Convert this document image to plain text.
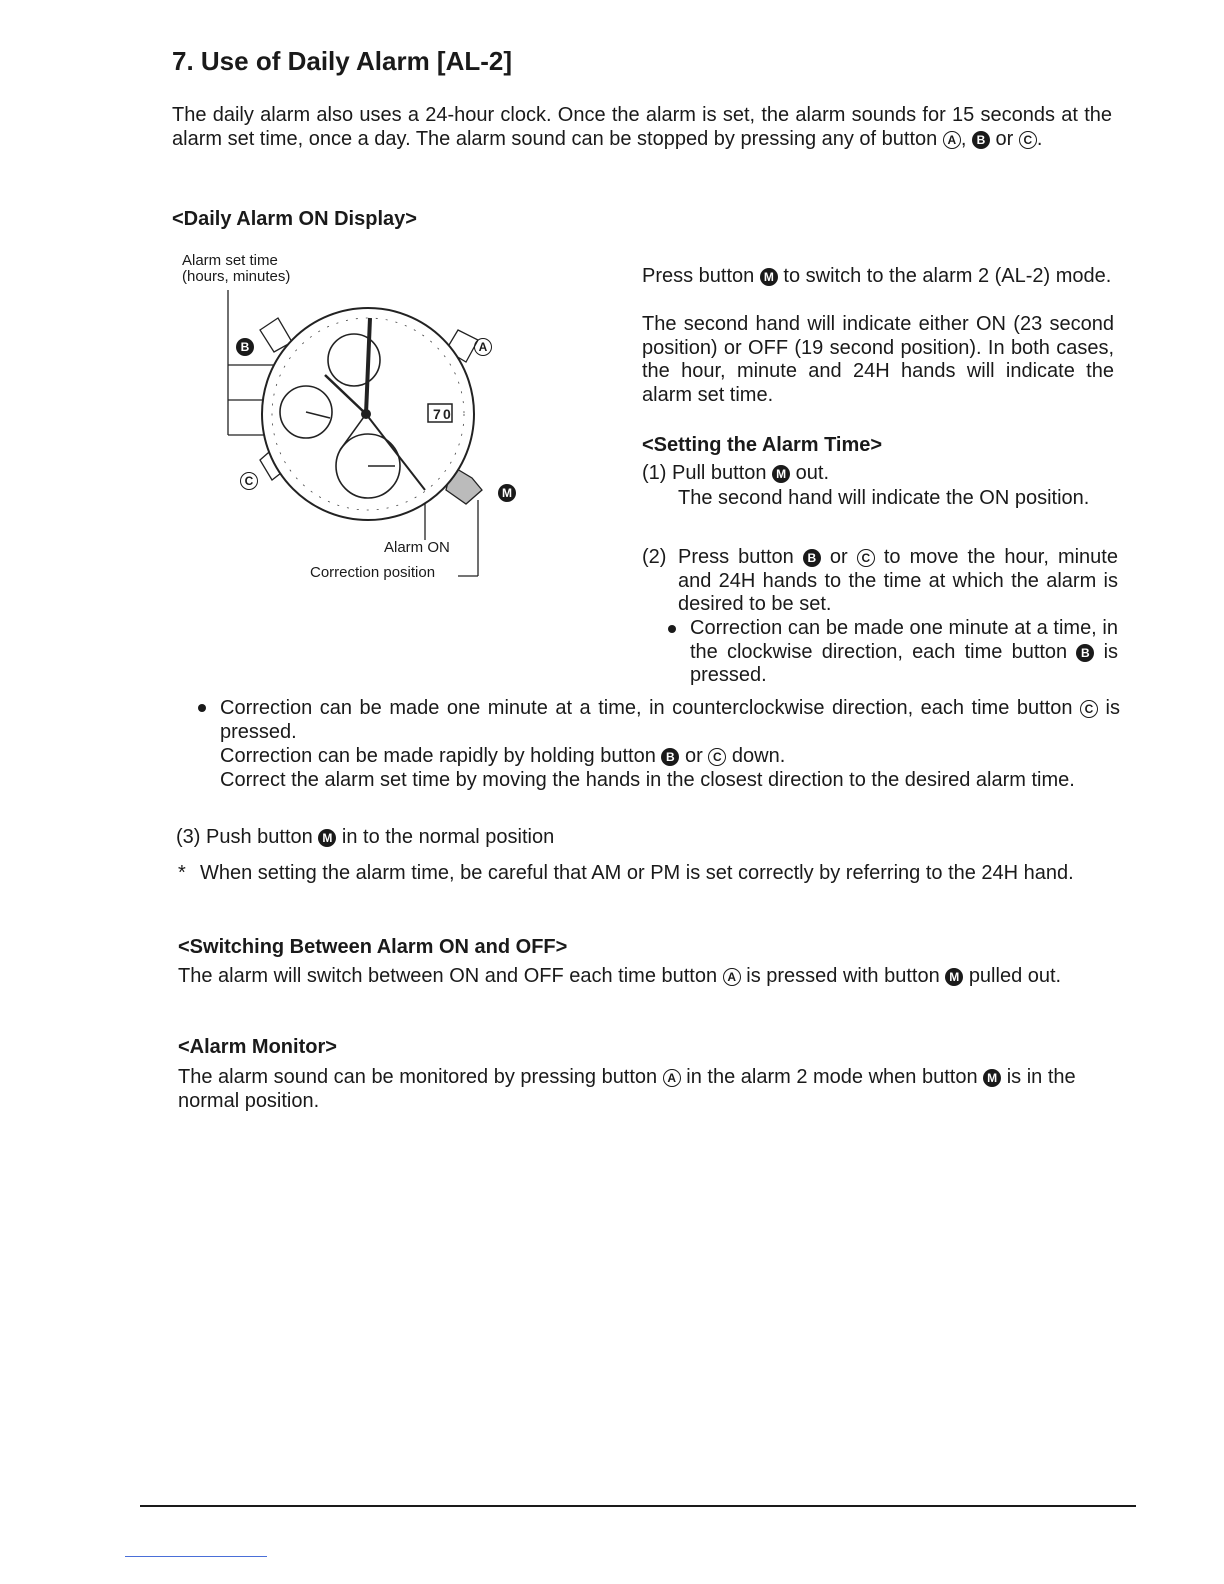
7. Use of Daily Alarm [AL-2]
The daily alarm also uses a 24-hour clock. Once the alarm is set, the alarm sounds for 15 seconds at the alarm set time, once a day. The alarm sound can be stopped by pressing any of button A , B or C .
<Daily Alarm ON Display>
Alarm set time
(hours, minutes)
Alarm ON
Correction position
7 0
B	A
C
M
Press button M to switch to the alarm 2 (AL-2) mode.
The second hand will indicate either ON (23 second position) or OFF (19 second position). In both cases, the hour, minute and 24H hands will indicate the alarm set time.
<Setting the Alarm Time>
(1) Pull button M out.
The second hand will indicate the ON position.
(2) Press button B or C to move the hour, minute and 24H hands to the time at which the alarm is desired to be set.
Correction can be made one minute at a time, in the clockwise direction, each time button B is pressed.
Correction can be made one minute at a time, in counterclockwise direction, each time button C is pressed.
Correction can be made rapidly by holding button B or C down.
Correct the alarm set time by moving the hands in the closest direction to the desired alarm time.
(3) Push button M in to the normal position
* When setting the alarm time, be careful that AM or PM is set correctly by referring to the 24H hand.
<Switching Between Alarm ON and OFF>
The alarm will switch between ON and OFF each time button A is pressed with button M pulled out.
<Alarm Monitor>
The alarm sound can be monitored by pressing button A in the alarm 2 mode when button M is in the normal position.
